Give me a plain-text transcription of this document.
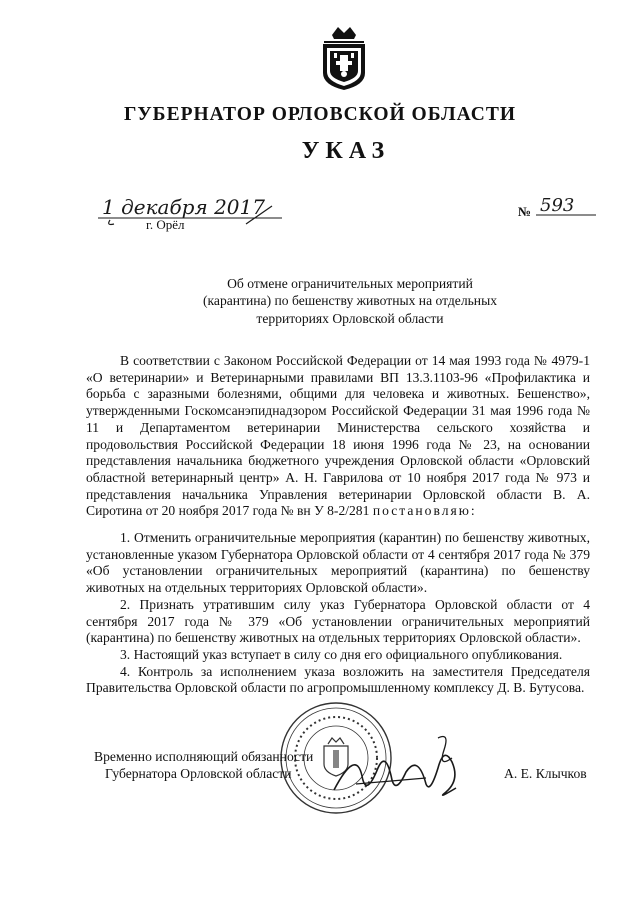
ГУБЕРНАТОР ОРЛОВСКОЙ ОБЛАСТИ
УКАЗ
1 декабря 2017
г. Орёл
№ 593
Об отмене ограничительных мероприятий
(карантина) по бешенству животных на отдельных
территориях Орловской области

В соответствии с Законом Российской Федерации от 14 мая 1993 года № 4979-1 «О ветеринарии» и Ветеринарными правилами ВП 13.3.1103-96 «Профилактика и борьба с заразными болезнями, общими для человека и животных. Бешенство», утвержденными Госкомсанэпиднадзором Российской Федерации 31 мая 1996 года № 11 и Департаментом ветеринарии Министерства сельского хозяйства и продовольствия Российской Федерации 18 июня 1996 года № 23, на основании представления начальника бюджетного учреждения Орловской области «Орловский областной ветеринарный центр» А. Н. Гаврилова от 10 ноября 2017 года № 973 и представления начальника Управления ветеринарии Орловской области В. А. Сиротина от 20 ноября 2017 года № вн У 8-2/281 постановляю:

1. Отменить ограничительные мероприятия (карантин) по бешенству животных, установленные указом Губернатора Орловской области от 4 сентября 2017 года № 379 «Об установлении ограничительных мероприятий (карантина) по бешенству животных на отдельных территориях Орловской области».

2. Признать утратившим силу указ Губернатора Орловской области от 4 сентября 2017 года № 379 «Об установлении ограничительных мероприятий (карантина) по бешенству животных на отдельных территориях Орловской области».

3. Настоящий указ вступает в силу со дня его официального опубликования.

4. Контроль за исполнением указа возложить на заместителя Председателя Правительства Орловской области по агропромышленному комплексу Д. В. Бутусова.

Временно исполняющий обязанности
Губернатора Орловской области	А. Е. Клычков
